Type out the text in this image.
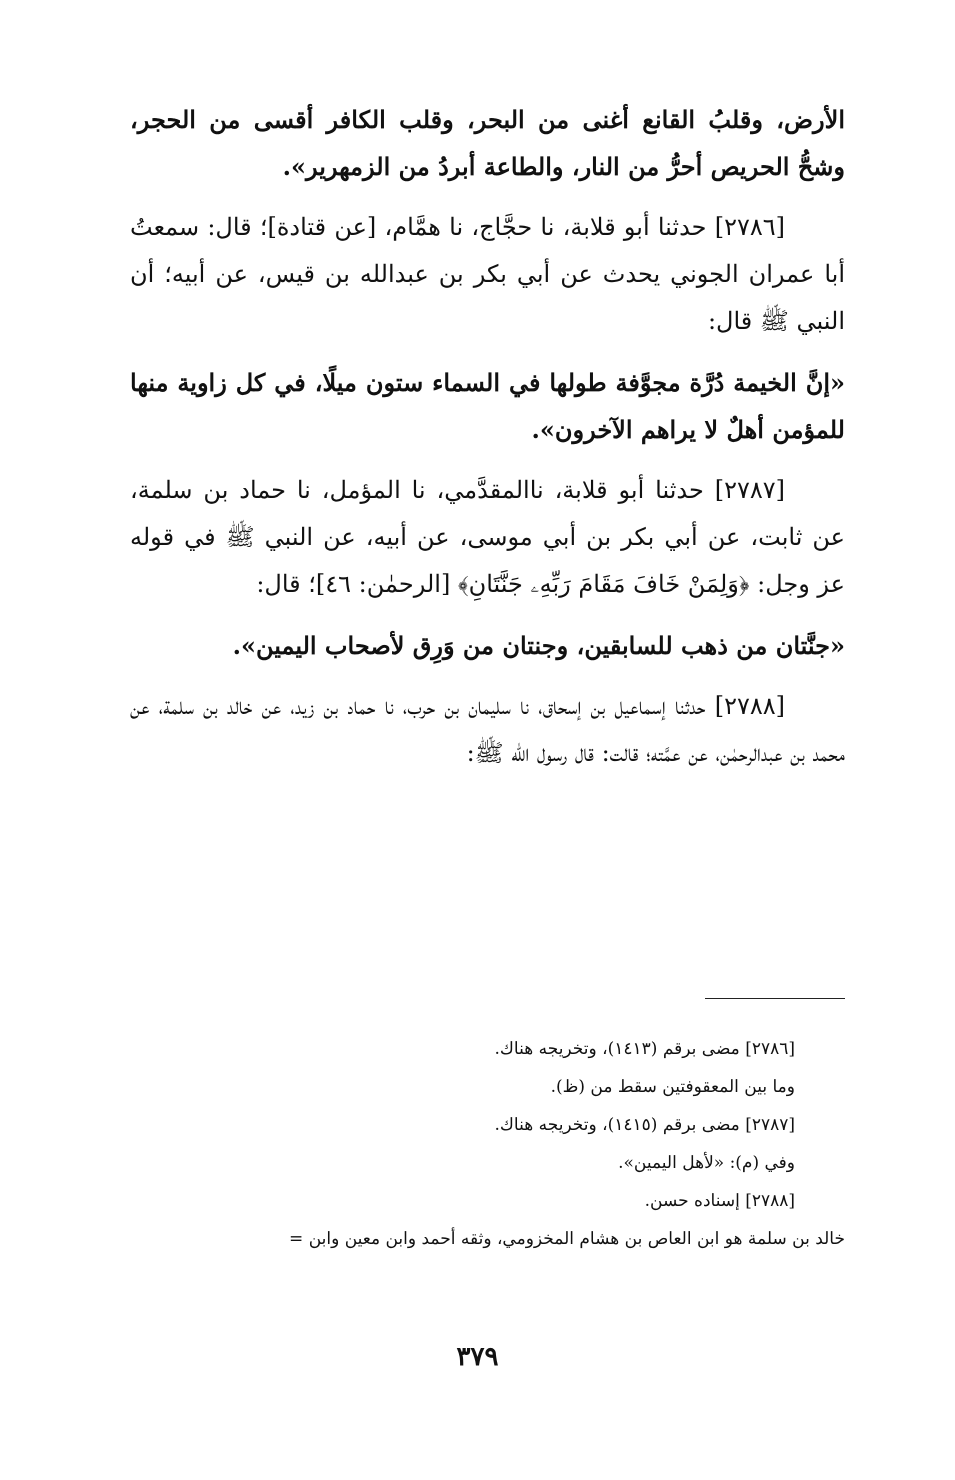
الأرض، وقلبُ القانع أغنى من البحر، وقلب الكافر أقسى من الحجر، وشحُّ الحريص أحرُّ من النار، والطاعة أبردُ من الزمهرير».

[٢٧٨٦] حدثنا أبو قلابة، نا حجَّاج، نا همَّام، [عن قتادة]؛ قال: سمعتُ أبا عمران الجوني يحدث عن أبي بكر بن عبدالله بن قيس، عن أبيه؛ أن النبي ﷺ قال:

«إنَّ الخيمة دُرَّة مجوَّفة طولها في السماء ستون ميلًا، في كل زاوية منها للمؤمن أهلٌ لا يراهم الآخرون».

[٢٧٨٧] حدثنا أبو قلابة، ناالمقدَّمي، نا المؤمل، نا حماد بن سلمة، عن ثابت، عن أبي بكر بن أبي موسى، عن أبيه، عن النبي ﷺ في قوله عز وجل: ﴿وَلِمَنْ خَافَ مَقَامَ رَبِّهِۦ جَنَّتَانِ﴾ [الرحمٰن: ٤٦]؛ قال:

«جنَّتان من ذهب للسابقين، وجنتان من وَرِق لأصحاب اليمين».

[٢٧٨٨] حدثنا إسماعيل بن إسحاق، نا سليمان بن حرب، نا حماد بن زيد، عن خالد بن سلمة، عن محمد بن عبدالرحمٰن، عن عمَّته؛ قالت: قال رسول الله ﷺ:

[٢٧٨٦] مضى برقم (١٤١٣)، وتخريجه هناك.

وما بين المعقوفتين سقط من (ظ).

[٢٧٨٧] مضى برقم (١٤١٥)، وتخريجه هناك.

وفي (م): «لأهل اليمين».

[٢٧٨٨] إسناده حسن.

خالد بن سلمة هو ابن العاص بن هشام المخزومي، وثقه أحمد وابن معين وابن =

٣٧٩
